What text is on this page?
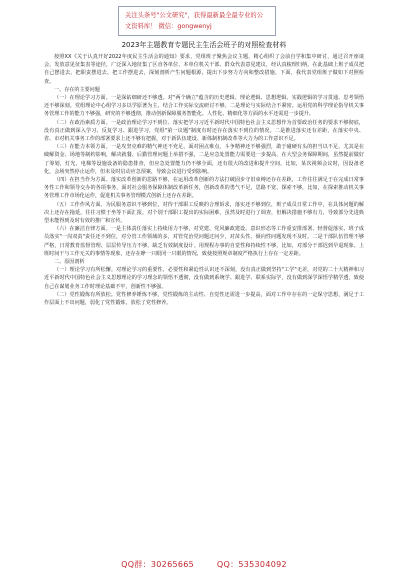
关注头条号"公文研究"，获得最新最全最专业的公文资料库！ 微信：gongwenyj
2023年主题教育专题民主生活会班子的对照检查材料

按照XX《关于认真开好2022年度民主生活会的通知》要求，党组班子聚焦会议主题，精心组织了会前自学和集中研讨，通过召开座谈会、发放意见征集表等途径，广泛深入地征集了区直各单位、本单位机关干部、群众代表意见建议，经认真梳理归纳，在此基础上班子成员把自己摆进去、把职责摆进去、把工作摆进去，深刻剖析产生问题根源，提出下步努力方向和整改措施。下面，我代表党组班子做如下对照检查。

一、存在的主要问题

（一）在理论学习方面。一是深钻细研还不够透。对"两个确立"蕴含的历史逻辑、理论逻辑、思想逻辑、实践逻辑的学习贯通、思考领悟还不够深刻。党组理论中心组学习多以学原著为主，结合工作实际交流研讨不够。二是理论与实际结合不紧密。运用党的科学理论指导机关事务管理工作的能力不够强，研究的不够透彻，推动创新保障服务智能化、人性化、精细化等方面的水平还需进一步提升。

（二）在政治素质方面。一是政治理论学习不到位、落实把学习习近平新时代中国特色社会主义思想作为首要政治任务的要求不够彻底，没有真正做到深入学习、反复学习、跟进学习，党组"第一议题"制度有时还存在落实不到位的情况。二是推进落实还有差距，在落实中央、省、市对机关事务工作的部署要求上还不够有把握，对于新队伍建设、新体制机制改革等大力为的工作意识不足。

（三）在能力本领方面。一是攻坚克难的精气神还不充足、面对困点难点，斗争精神还不够强烈，敢于碰硬有头的担当以不足，尤其是在破解资金、场地等制约影响，解决就餐、后勤管理问题上举措不强，二是应急处置能力需要进一步提高，在大型会务保障期间，虽然提前做好了筹划，灯光、电梯等设施设备的隐患排查，但应急处置能力仍不够全面，还有很大的改进和提升空间，比如，某次视频会议时，因设备老化，会场突然停止运作，但未及时启动应急预案，导致会议进行受到影响。

（四）在担当作为方面。落实改革创新的思路不够，在运用改革创新的方法打破固步守旧束缚还存在差距，工作往往满足于在完成日常事务性工作和领导交办的各项事务，面对社会服务保障体制改革新任务，创新改革的勇气不足，思路不宽，探索不够，比如，在探索推动机关事务管理工作市场化运作，促进机关事务管理模式创新上还存在差距。

（五）工作作风方面。为民服务意识不够到位，对待干部职工反映的合理诉求，落实还不够到位，班子成员日常工作中，在具体问题的解决上还存在拖延，往往习惯于坐等下面汇报，对个别干部职工提出的实际困难，虽然及时进行了调查，但解决措施不够有力，导致部分先进典型未能得到及时有效的推广和宣传。

（六）在廉洁自律方面。一是主体责任落实上持续用力不够，对党建、党风廉政建设、意识形态等工作重安排部署、轻督促落实，班子成员落实"一岗双责"责任还不到位，对分管工作领域的多，对管党治党问题过问少，对苗头性、倾向性问题发现不及时。二是干部队伍管理不够严格，日常教育监督管理、层层传导压力不够，缺乏有效制度设计。用规程办事的自觉性和持续性不够，比如，对部分干部迟到早退现象、上班时间干与工作无关的事情等现象，还存在睁一只眼闭一只眼的情况，致使按照规章制度严格执行上存在一定差距。

二、原因剖析

（一）理论学习有所松懈。对理论学习的重要性、必要性和紧迫性认识还不深刻，没有真正做到坚持"工学"无差，对党的二十大精神和习近平新时代中国特色社会主义思想理论的学习理念的领悟不透彻，没有做到系统学、跟进学、联系实际学，没有做到深学深悟学精学透，致使自己在谋划业务工作时理论基础不牢，创新性不够强。

（二）党性锻炼有所放松。党性修养锤炼不够，党性锻炼的主动性、自觉性还需进一步提高，面对工作中存在的一定保守思想，满足于工作层面上不出问题，弱化了党性锻炼，放松了党性修养。

QQ群：30265665	QQ：535304092
